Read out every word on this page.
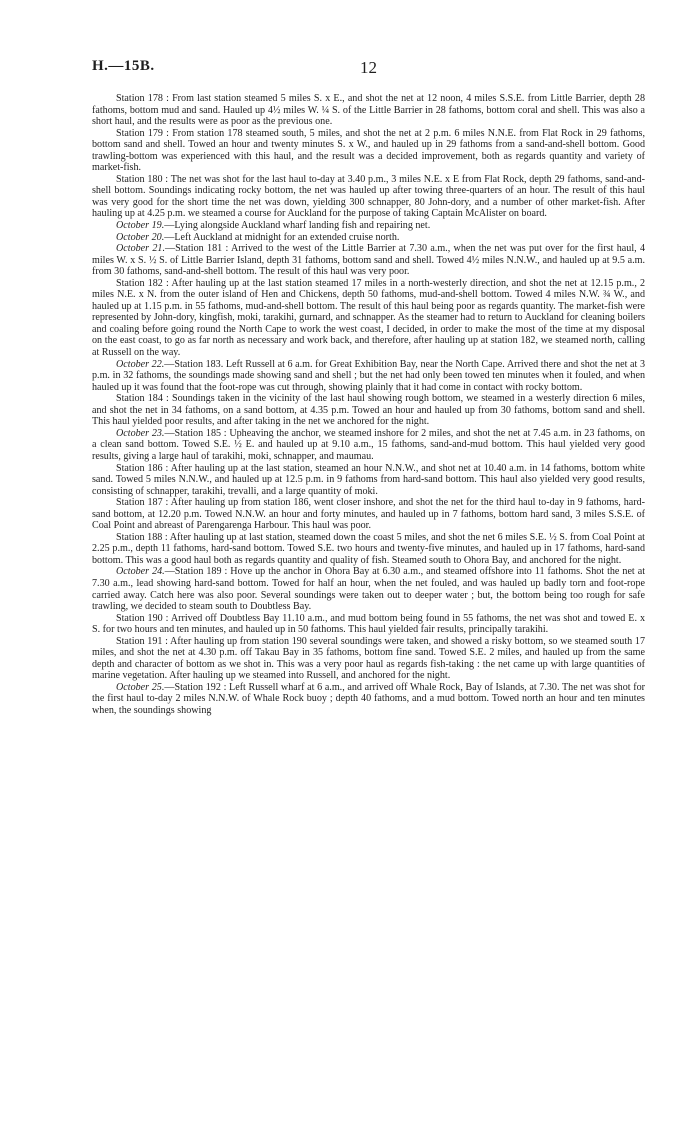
H.—15B.	12

Station 178 : From last station steamed 5 miles S. x E., and shot the net at 12 noon, 4 miles S.S.E. from Little Barrier, depth 28 fathoms, bottom mud and sand. Hauled up 4½ miles W. ¼ S. of the Little Barrier in 28 fathoms, bottom coral and shell. This was also a short haul, and the results were as poor as the previous one.

Station 179 : From station 178 steamed south, 5 miles, and shot the net at 2 p.m. 6 miles N.N.E. from Flat Rock in 29 fathoms, bottom sand and shell. Towed an hour and twenty minutes S. x W., and hauled up in 29 fathoms from a sand-and-shell bottom. Good trawling-bottom was experienced with this haul, and the result was a decided improvement, both as regards quantity and variety of market-fish.

Station 180 : The net was shot for the last haul to-day at 3.40 p.m., 3 miles N.E. x E from Flat Rock, depth 29 fathoms, sand-and-shell bottom. Soundings indicating rocky bottom, the net was hauled up after towing three-quarters of an hour. The result of this haul was very good for the short time the net was down, yielding 300 schnapper, 80 John-dory, and a number of other market-fish. After hauling up at 4.25 p.m. we steamed a course for Auckland for the purpose of taking Captain McAlister on board.

October 19.—Lying alongside Auckland wharf landing fish and repairing net.

October 20.—Left Auckland at midnight for an extended cruise north.

October 21.—Station 181 : Arrived to the west of the Little Barrier at 7.30 a.m., when the net was put over for the first haul, 4 miles W. x S. ½ S. of Little Barrier Island, depth 31 fathoms, bottom sand and shell. Towed 4½ miles N.N.W., and hauled up at 9.5 a.m. from 30 fathoms, sand-and-shell bottom. The result of this haul was very poor.

Station 182 : After hauling up at the last station steamed 17 miles in a north-westerly direction, and shot the net at 12.15 p.m., 2 miles N.E. x N. from the outer island of Hen and Chickens, depth 50 fathoms, mud-and-shell bottom. Towed 4 miles N.W. ¾ W., and hauled up at 1.15 p.m. in 55 fathoms, mud-and-shell bottom. The result of this haul being poor as regards quantity. The market-fish were represented by John-dory, kingfish, moki, tarakihi, gurnard, and schnapper. As the steamer had to return to Auckland for cleaning boilers and coaling before going round the North Cape to work the west coast, I decided, in order to make the most of the time at my disposal on the east coast, to go as far north as necessary and work back, and therefore, after hauling up at station 182, we steamed north, calling at Russell on the way.

October 22.—Station 183. Left Russell at 6 a.m. for Great Exhibition Bay, near the North Cape. Arrived there and shot the net at 3 p.m. in 32 fathoms, the soundings made showing sand and shell ; but the net had only been towed ten minutes when it fouled, and when hauled up it was found that the foot-rope was cut through, showing plainly that it had come in contact with rocky bottom.

Station 184 : Soundings taken in the vicinity of the last haul showing rough bottom, we steamed in a westerly direction 6 miles, and shot the net in 34 fathoms, on a sand bottom, at 4.35 p.m. Towed an hour and hauled up from 30 fathoms, bottom sand and shell. This haul yielded poor results, and after taking in the net we anchored for the night.

October 23.—Station 185 : Upheaving the anchor, we steamed inshore for 2 miles, and shot the net at 7.45 a.m. in 23 fathoms, on a clean sand bottom. Towed S.E. ½ E. and hauled up at 9.10 a.m., 15 fathoms, sand-and-mud bottom. This haul yielded very good results, giving a large haul of tarakihi, moki, schnapper, and maumau.

Station 186 : After hauling up at the last station, steamed an hour N.N.W., and shot net at 10.40 a.m. in 14 fathoms, bottom white sand. Towed 5 miles N.N.W., and hauled up at 12.5 p.m. in 9 fathoms from hard-sand bottom. This haul also yielded very good results, consisting of schnapper, tarakihi, trevalli, and a large quantity of moki.

Station 187 : After hauling up from station 186, went closer inshore, and shot the net for the third haul to-day in 9 fathoms, hard-sand bottom, at 12.20 p.m. Towed N.N.W. an hour and forty minutes, and hauled up in 7 fathoms, bottom hard sand, 3 miles S.S.E. of Coal Point and abreast of Parengarenga Harbour. This haul was poor.

Station 188 : After hauling up at last station, steamed down the coast 5 miles, and shot the net 6 miles S.E. ½ S. from Coal Point at 2.25 p.m., depth 11 fathoms, hard-sand bottom. Towed S.E. two hours and twenty-five minutes, and hauled up in 17 fathoms, hard-sand bottom. This was a good haul both as regards quantity and quality of fish. Steamed south to Ohora Bay, and anchored for the night.

October 24.—Station 189 : Hove up the anchor in Ohora Bay at 6.30 a.m., and steamed offshore into 11 fathoms. Shot the net at 7.30 a.m., lead showing hard-sand bottom. Towed for half an hour, when the net fouled, and was hauled up badly torn and foot-rope carried away. Catch here was also poor. Several soundings were taken out to deeper water ; but, the bottom being too rough for safe trawling, we decided to steam south to Doubtless Bay.

Station 190 : Arrived off Doubtless Bay 11.10 a.m., and mud bottom being found in 55 fathoms, the net was shot and towed E. x S. for two hours and ten minutes, and hauled up in 50 fathoms. This haul yielded fair results, principally tarakihi.

Station 191 : After hauling up from station 190 several soundings were taken, and showed a risky bottom, so we steamed south 17 miles, and shot the net at 4.30 p.m. off Takau Bay in 35 fathoms, bottom fine sand. Towed S.E. 2 miles, and hauled up from the same depth and character of bottom as we shot in. This was a very poor haul as regards fish-taking : the net came up with large quantities of marine vegetation. After hauling up we steamed into Russell, and anchored for the night.

October 25.—Station 192 : Left Russell wharf at 6 a.m., and arrived off Whale Rock, Bay of Islands, at 7.30. The net was shot for the first haul to-day 2 miles N.N.W. of Whale Rock buoy ; depth 40 fathoms, and a mud bottom. Towed north an hour and ten minutes when, the soundings showing
